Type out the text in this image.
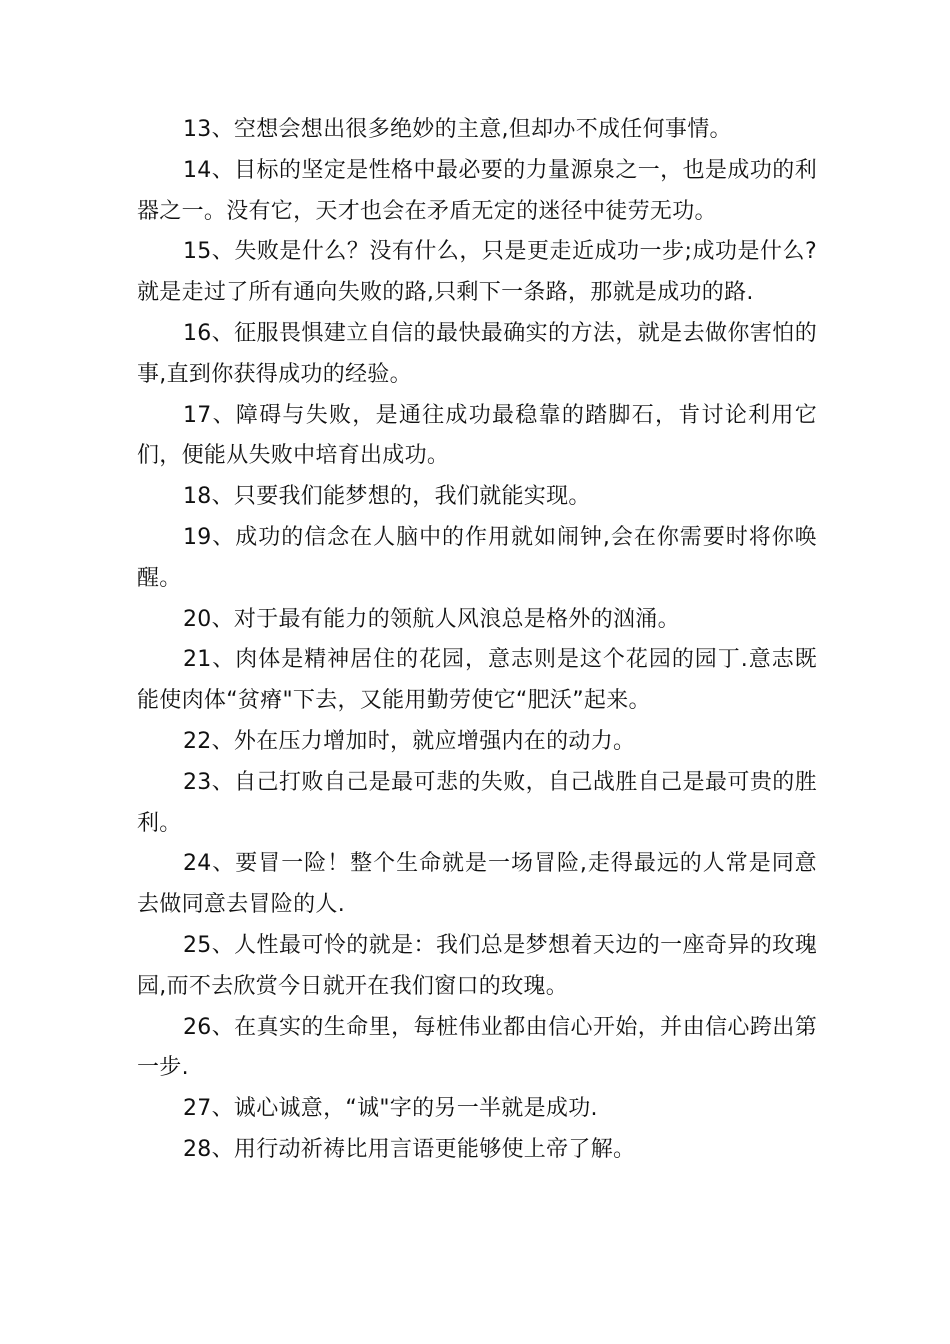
13、空想会想出很多绝妙的主意,但却办不成任何事情。

14、目标的坚定是性格中最必要的力量源泉之一，也是成功的利器之一。没有它，天才也会在矛盾无定的迷径中徒劳无功。

15、失败是什么？没有什么，只是更走近成功一步;成功是什么?就是走过了所有通向失败的路,只剩下一条路，那就是成功的路.

16、征服畏惧建立自信的最快最确实的方法，就是去做你害怕的事,直到你获得成功的经验。

17、障碍与失败，是通往成功最稳靠的踏脚石，肯讨论利用它们，便能从失败中培育出成功。

18、只要我们能梦想的，我们就能实现。

19、成功的信念在人脑中的作用就如闹钟,会在你需要时将你唤醒。

20、对于最有能力的领航人风浪总是格外的汹涌。

21、肉体是精神居住的花园，意志则是这个花园的园丁.意志既能使肉体“贫瘠"下去，又能用勤劳使它“肥沃”起来。

22、外在压力增加时，就应增强内在的动力。

23、自己打败自己是最可悲的失败，自己战胜自己是最可贵的胜利。

24、要冒一险！整个生命就是一场冒险,走得最远的人常是同意去做同意去冒险的人.

25、人性最可怜的就是：我们总是梦想着天边的一座奇异的玫瑰园,而不去欣赏今日就开在我们窗口的玫瑰。

26、在真实的生命里，每桩伟业都由信心开始，并由信心跨出第一步.

27、诚心诚意，“诚"字的另一半就是成功.

28、用行动祈祷比用言语更能够使上帝了解。
